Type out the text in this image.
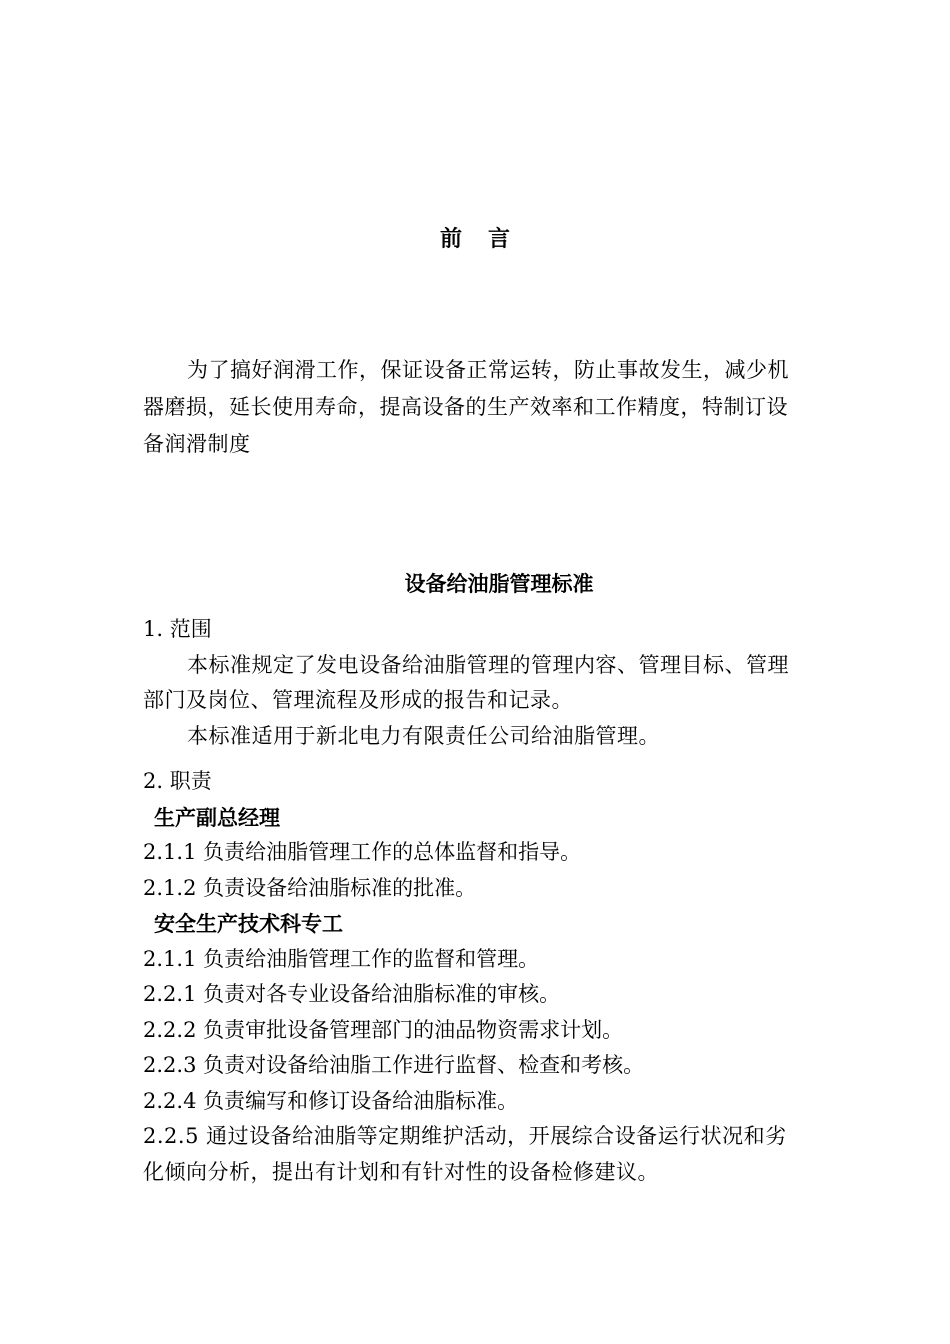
前言

为了搞好润滑工作，保证设备正常运转，防止事故发生，减少机器磨损，延长使用寿命，提高设备的生产效率和工作精度，特制订设备润滑制度

设备给油脂管理标准

1. 范围

本标准规定了发电设备给油脂管理的管理内容、管理目标、管理部门及岗位、管理流程及形成的报告和记录。

本标准适用于新北电力有限责任公司给油脂管理。

2. 职责

生产副总经理

2.1.1 负责给油脂管理工作的总体监督和指导。

2.1.2 负责设备给油脂标准的批准。

安全生产技术科专工

2.1.1 负责给油脂管理工作的监督和管理。

2.2.1 负责对各专业设备给油脂标准的审核。

2.2.2 负责审批设备管理部门的油品物资需求计划。

2.2.3 负责对设备给油脂工作进行监督、检查和考核。

2.2.4 负责编写和修订设备给油脂标准。

2.2.5 通过设备给油脂等定期维护活动，开展综合设备运行状况和劣化倾向分析，提出有计划和有针对性的设备检修建议。
